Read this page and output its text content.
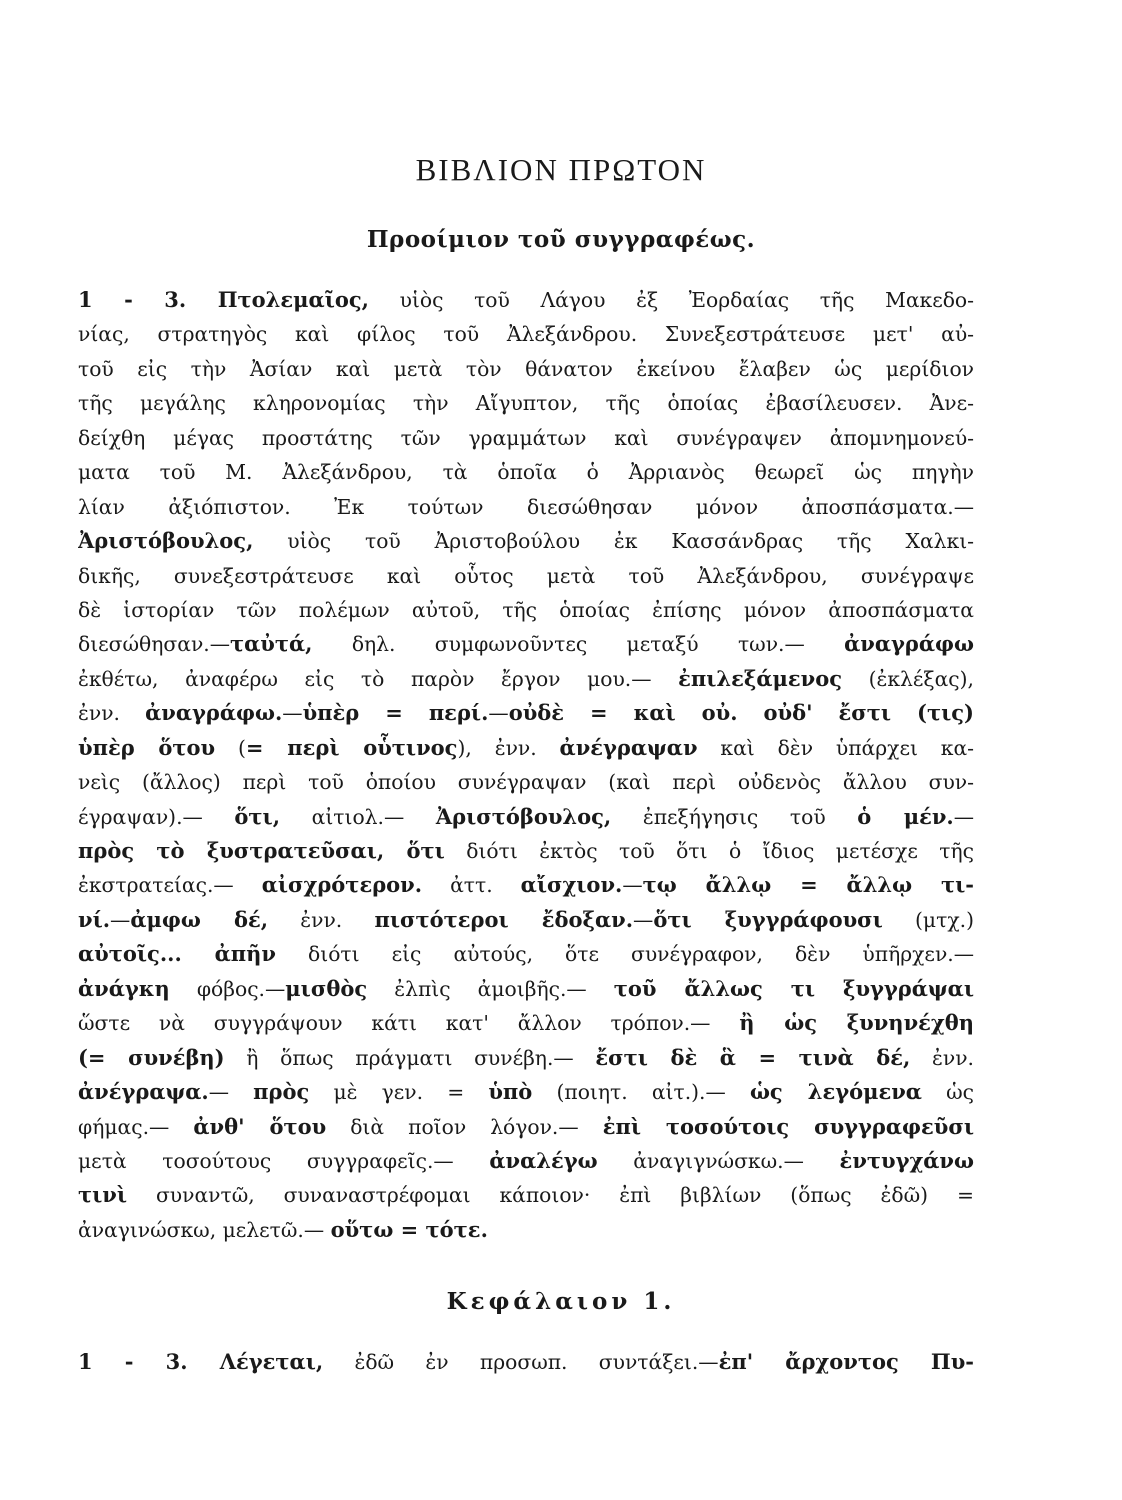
ΒΙΒΛΙΟΝ ΠΡΩΤΟΝ
Προοίμιον τοῦ συγγραφέως.
1 - 3. Πτολεμαῖος, υἱὸς τοῦ Λάγου ἐξ Ἐορδαίας τῆς Μακεδο-
νίας, στρατηγὸς καὶ φίλος τοῦ Ἀλεξάνδρου. Συνεξεστράτευσε μετ' αὐ-
τοῦ εἰς τὴν Ἀσίαν καὶ μετὰ τὸν θάνατον ἐκείνου ἔλαβεν ὡς μερίδιον
τῆς μεγάλης κληρονομίας τὴν Αἴγυπτον, τῆς ὁποίας ἐβασίλευσεν. Ἀνε-
δείχθη μέγας προστάτης τῶν γραμμάτων καὶ συνέγραψεν ἀπομνημονεύ-
ματα τοῦ Μ. Ἀλεξάνδρου, τὰ ὁποῖα ὁ Ἀρριανὸς θεωρεῖ ὡς πηγὴν
λίαν ἀξιόπιστον. Ἐκ τούτων διεσώθησαν μόνον ἀποσπάσματα.—
Ἀριστόβουλος, υἱὸς τοῦ Ἀριστοβούλου ἐκ Κασσάνδρας τῆς Χαλκι-
δικῆς, συνεξεστράτευσε καὶ οὗτος μετὰ τοῦ Ἀλεξάνδρου, συνέγραψε
δὲ ἱστορίαν τῶν πολέμων αὐτοῦ, τῆς ὁποίας ἐπίσης μόνον ἀποσπάσματα
διεσώθησαν.—ταὐτά, δηλ. συμφωνοῦντες μεταξύ των.— ἀναγράφω
ἐκθέτω, ἀναφέρω εἰς τὸ παρὸν ἔργον μου.— ἐπιλεξάμενος (ἐκλέξας),
ἐνν. ἀναγράφω.—ὑπὲρ = περί.—οὐδὲ = καὶ οὐ. οὐδ' ἔστι (τις)
ὑπὲρ ὅτου (= περὶ οὗτινος), ἐνν. ἀνέγραψαν καὶ δὲν ὑπάρχει κα-
νεὶς (ἄλλος) περὶ τοῦ ὁποίου συνέγραψαν (καὶ περὶ οὐδενὸς ἄλλου συν-
έγραψαν).— ὅτι, αἰτιολ.— Ἀριστόβουλος, ἐπεξήγησις τοῦ ὁ μέν.—
πρὸς τὸ ξυστρατεῦσαι, ὅτι διότι ἐκτὸς τοῦ ὅτι ὁ ἴδιος μετέσχε τῆς
ἐκστρατείας.— αἰσχρότερον. ἀττ. αἴσχιον.—τῳ ἄλλῳ = ἄλλῳ τι-
νί.—ἀμφω δέ, ἐνν. πιστότεροι ἔδοξαν.—ὅτι ξυγγράφουσι (μτχ.)
αὐτοῖς... ἀπῆν διότι εἰς αὐτούς, ὅτε συνέγραφον, δὲν ὑπῆρχεν.—
ἀνάγκη φόβος.—μισθὸς ἐλπὶς ἀμοιβῆς.— τοῦ ἄλλως τι ξυγγράψαι
ὥστε νὰ συγγράψουν κάτι κατ' ἄλλον τρόπον.— ἢ ὡς ξυνηνέχθη
(= συνέβη) ἢ ὅπως πράγματι συνέβη.— ἔστι δὲ ἃ = τινὰ δέ, ἐνν.
ἀνέγραψα.— πρὸς μὲ γεν. = ὑπὸ (ποιητ. αἰτ.).— ὡς λεγόμενα ὡς
φήμας.— ἀνθ' ὅτου διὰ ποῖον λόγον.— ἐπὶ τοσούτοις συγγραφεῦσι
μετὰ τοσούτους συγγραφεῖς.— ἀναλέγω ἀναγιγνώσκω.— ἐντυγχάνω
τινὶ συναντῶ, συναναστρέφομαι κάποιον· ἐπὶ βιβλίων (ὅπως ἐδῶ) =
ἀναγινώσκω, μελετῶ.— οὕτω = τότε.
Κεφάλαιον 1.
1 - 3. Λέγεται, ἐδῶ ἐν προσωπ. συντάξει.—ἐπ' ἄρχοντος Πυ-
